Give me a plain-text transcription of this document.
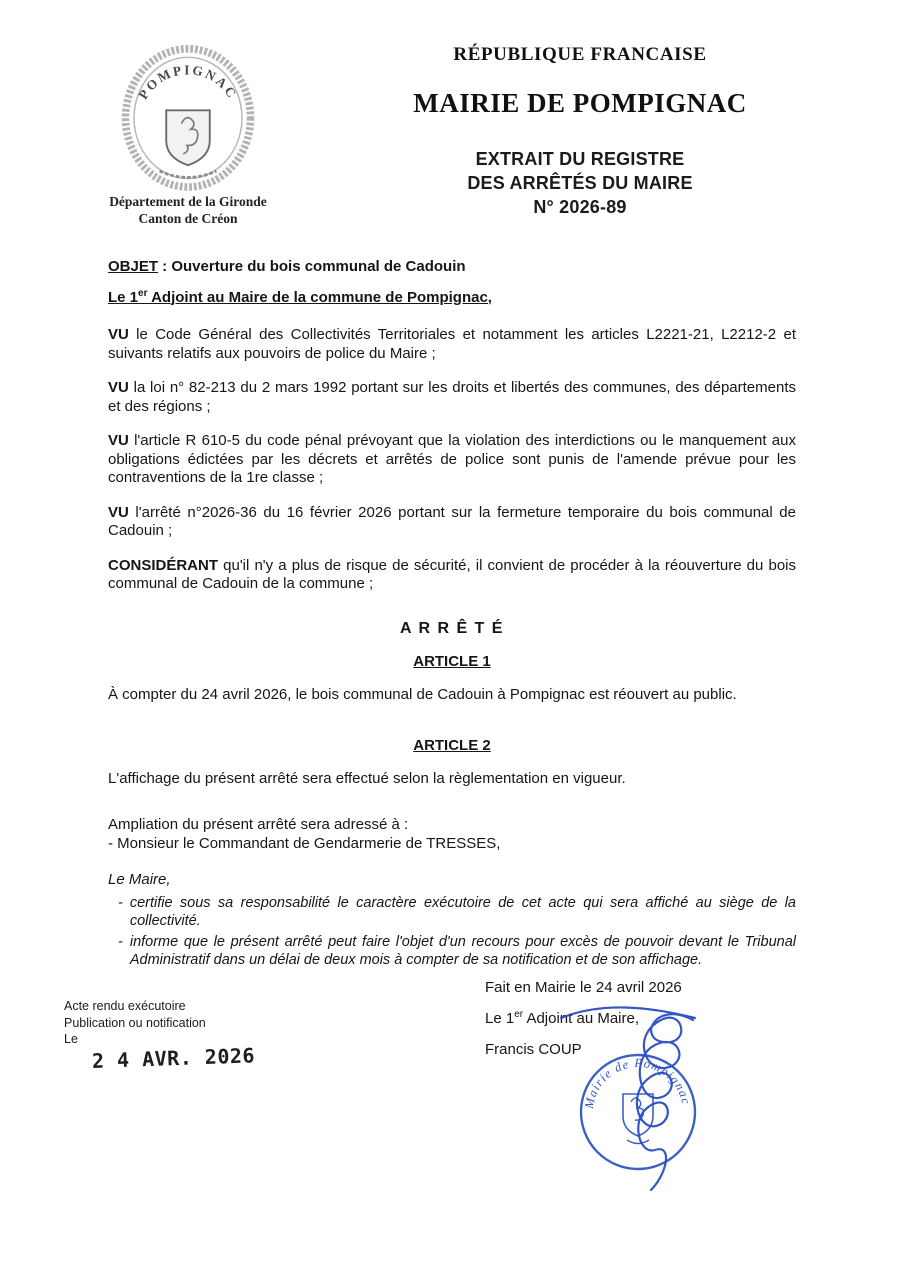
POMPIGNAC
Département de la Gironde
Canton de Créon
RÉPUBLIQUE FRANCAISE
MAIRIE DE POMPIGNAC
EXTRAIT DU REGISTRE
DES ARRÊTÉS DU MAIRE
N° 2026-89

OBJET : Ouverture du bois communal de Cadouin

Le 1er Adjoint au Maire de la commune de Pompignac,

VU le Code Général des Collectivités Territoriales et notamment les articles L2221-21, L2212-2 et suivants relatifs aux pouvoirs de police du Maire ;

VU la loi n° 82-213 du 2 mars 1992 portant sur les droits et libertés des communes, des départements et des régions ;

VU l'article R 610-5 du code pénal prévoyant que la violation des interdictions ou le manquement aux obligations édictées par les décrets et arrêtés de police sont punis de l'amende prévue pour les contraventions de la 1re classe ;

VU l'arrêté n°2026-36 du 16 février 2026 portant sur la fermeture temporaire du bois communal de Cadouin ;

CONSIDÉRANT qu'il n'y a plus de risque de sécurité, il convient de procéder à la réouverture du bois communal de Cadouin de la commune ;

A R R Ê T É
ARTICLE 1

À compter du 24 avril 2026, le bois communal de Cadouin à Pompignac est réouvert au public.

ARTICLE 2

L'affichage du présent arrêté sera effectué selon la règlementation en vigueur.

Ampliation du présent arrêté sera adressé à :
- Monsieur le Commandant de Gendarmerie de TRESSES,

Le Maire,

- certifie sous sa responsabilité le caractère exécutoire de cet acte qui sera affiché au siège de la collectivité.
- informe que le présent arrêté peut faire l'objet d'un recours pour excès de pouvoir devant le Tribunal Administratif dans un délai de deux mois à compter de sa notification et de son affichage.
Acte rendu exécutoire
Publication ou notification
Le
2 4 AVR. 2026
Fait en Mairie le 24 avril 2026
Le 1er Adjoint au Maire,
Francis COUP
Mairie de Pompignac
